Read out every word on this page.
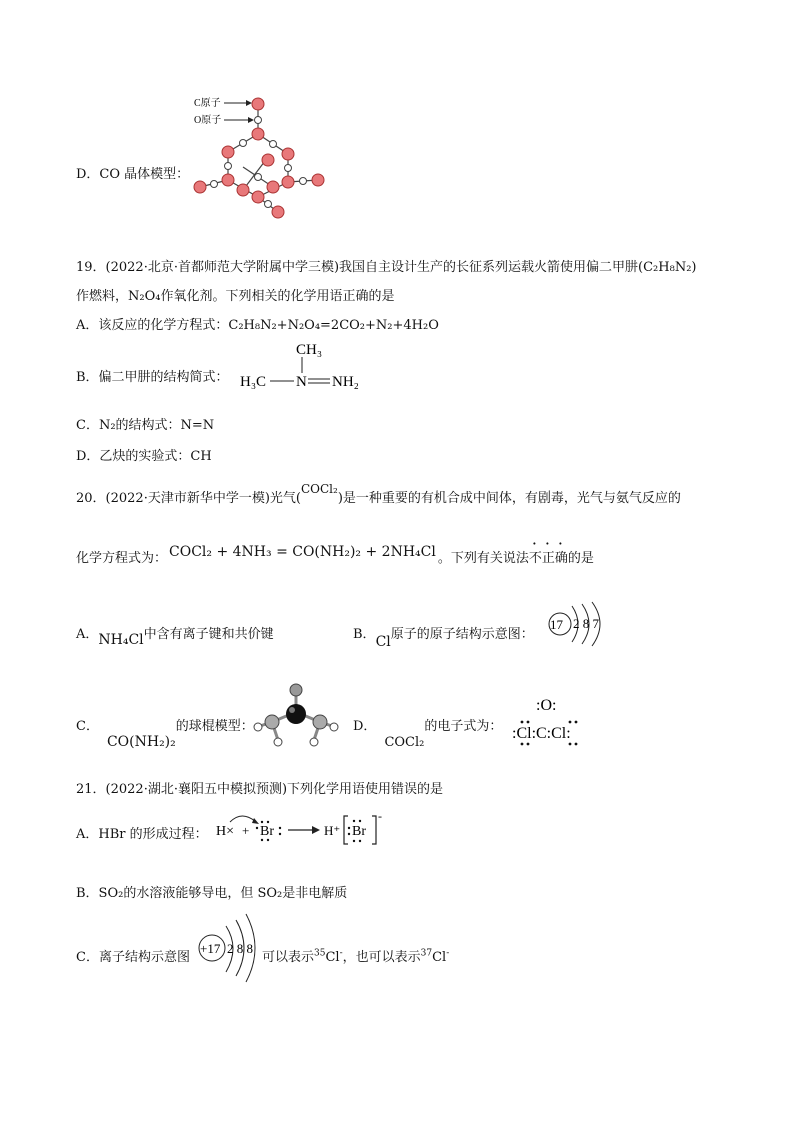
D．CO 晶体模型：
C原子
O原子
19．(2022·北京·首都师范大学附属中学三模)我国自主设计生产的长征系列运载火箭使用偏二甲肼(C₂H₈N₂)
作燃料，N₂O₄作氧化剂。下列相关的化学用语正确的是
A．该反应的化学方程式：C₂H₈N₂+N₂O₄=2CO₂+N₂+4H₂O
B．偏二甲肼的结构简式：
CH₃
H₃C N NH₂
C．N₂的结构式：N=N
D．乙炔的实验式：CH
20．(2022·天津市新华中学一模)光气(COCl₂)是一种重要的有机合成中间体，有剧毒，光气与氨气反应的
化学方程式为： COCl₂ + 4NH₃ = CO(NH₂)₂ + 2NH₄Cl 。下列有关说法不正确的是
A．NH₄Cl中含有离子键和共价键	B．Cl原子的原子结构示意图：
17 2 8 7
C．CO(NH₂)₂的球棍模型：	D．COCl₂的电子式为：
:O:
:Cl:C:Cl:
21．(2022·湖北·襄阳五中模拟预测)下列化学用语使用错误的是
A．HBr 的形成过程： H× + Br	H⁺ Br
-
B．SO₂的水溶液能够导电，但 SO₂是非电解质
C．离子结构示意图
+17 2 8 8
可以表示$^{35}$Cl-，也可以表示$^{37}$Cl-
